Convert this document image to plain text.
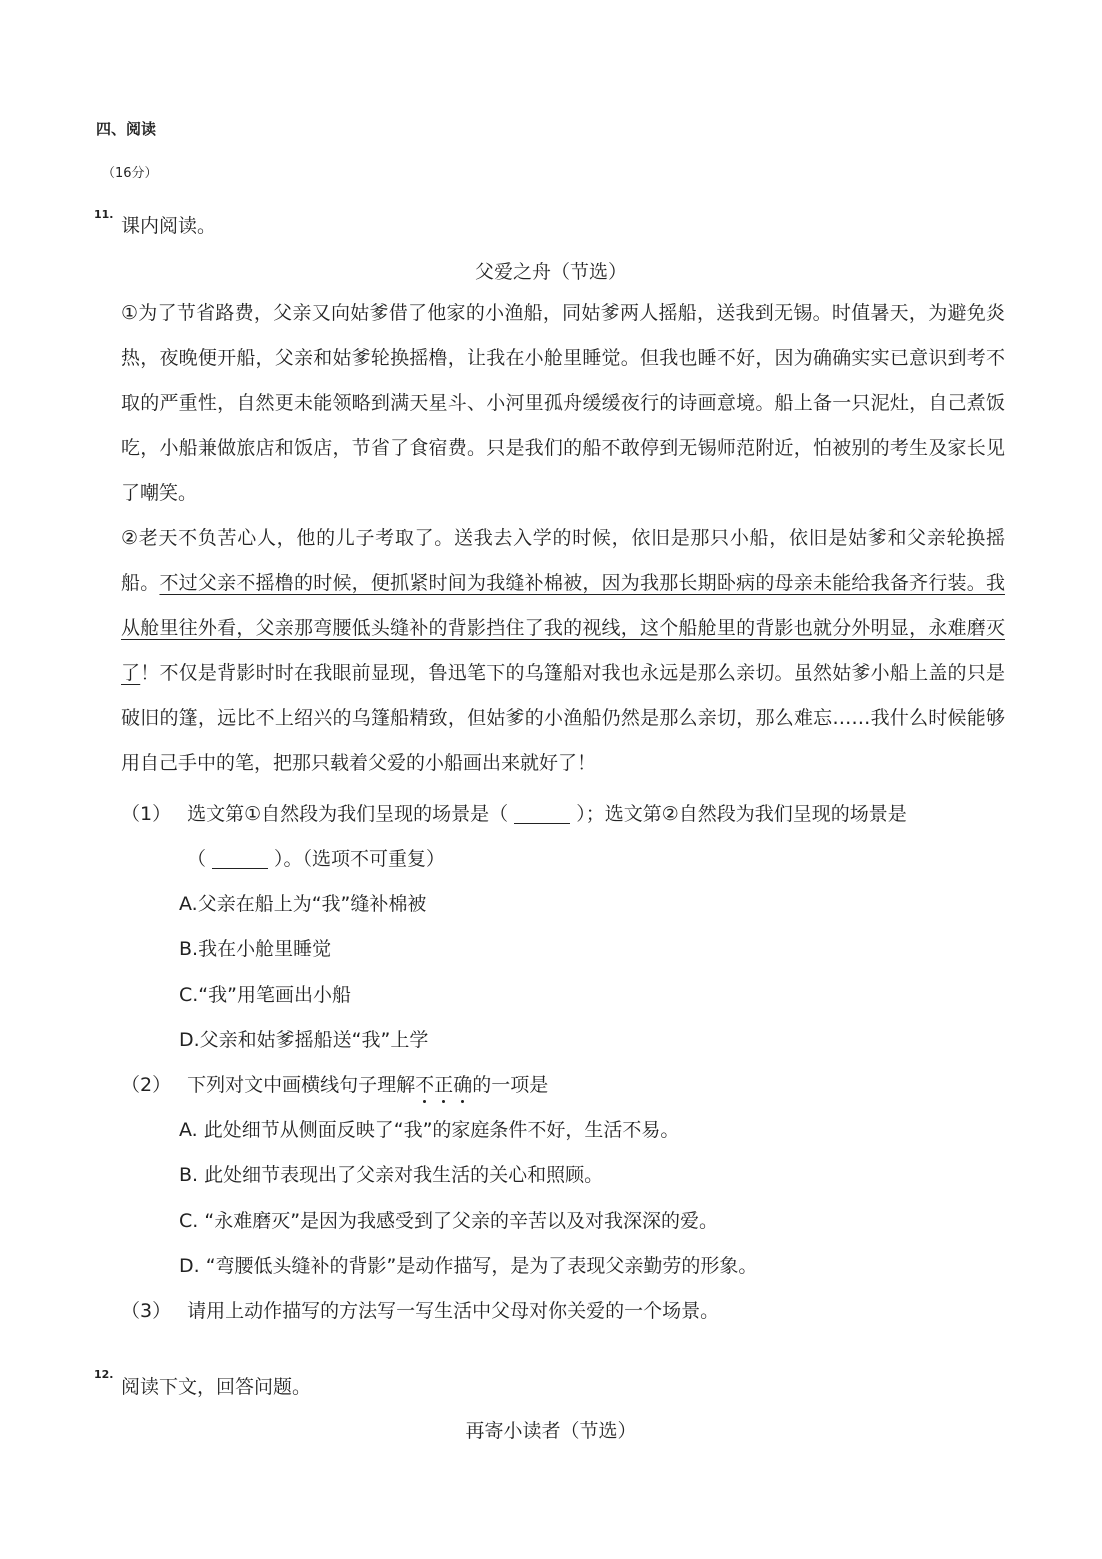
四、阅读
（16分）
11.
课内阅读。
父爱之舟（节选）

①为了节省路费，父亲又向姑爹借了他家的小渔船，同姑爹两人摇船，送我到无锡。时值暑天，为避免炎热，夜晚便开船，父亲和姑爹轮换摇橹，让我在小舱里睡觉。但我也睡不好，因为确确实实已意识到考不取的严重性，自然更未能领略到满天星斗、小河里孤舟缓缓夜行的诗画意境。船上备一只泥灶，自己煮饭吃，小船兼做旅店和饭店，节省了食宿费。只是我们的船不敢停到无锡师范附近，怕被别的考生及家长见了嘲笑。

②老天不负苦心人，他的儿子考取了。送我去入学的时候，依旧是那只小船，依旧是姑爹和父亲轮换摇船。不过父亲不摇橹的时候，便抓紧时间为我缝补棉被，因为我那长期卧病的母亲未能给我备齐行装。我从舱里往外看，父亲那弯腰低头缝补的背影挡住了我的视线，这个船舱里的背影也就分外明显，永难磨灭了！不仅是背影时时在我眼前显现，鲁迅笔下的乌篷船对我也永远是那么亲切。虽然姑爹小船上盖的只是破旧的篷，远比不上绍兴的乌篷船精致，但姑爹的小渔船仍然是那么亲切，那么难忘……我什么时候能够用自己手中的笔，把那只载着父爱的小船画出来就好了！

（1） 选文第①自然段为我们呈现的场景是（	）；选文第②自然段为我们呈现的场景是
（	）。（选项不可重复）
A.父亲在船上为“我”缝补棉被
B.我在小舱里睡觉
C.“我”用笔画出小船
D.父亲和姑爹摇船送“我”上学
（2） 下列对文中画横线句子理解不正确的一项是
A. 此处细节从侧面反映了“我”的家庭条件不好，生活不易。
B. 此处细节表现出了父亲对我生活的关心和照顾。
C. “永难磨灭”是因为我感受到了父亲的辛苦以及对我深深的爱。
D. “弯腰低头缝补的背影”是动作描写，是为了表现父亲勤劳的形象。
（3） 请用上动作描写的方法写一写生活中父母对你关爱的一个场景。
12.
阅读下文，回答问题。
再寄小读者（节选）
